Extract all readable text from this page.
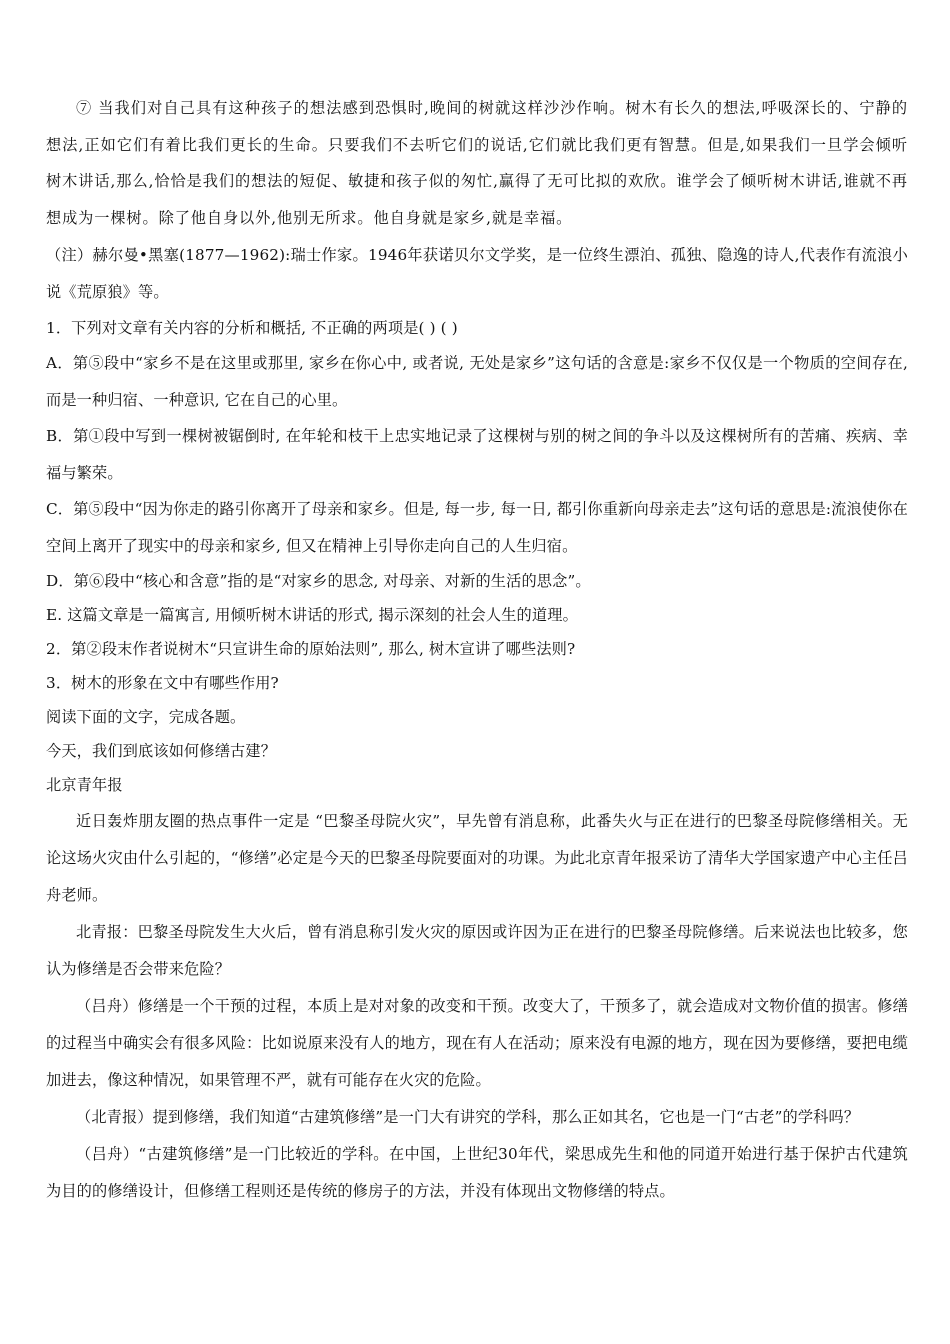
⑦ 当我们对自己具有这种孩子的想法感到恐惧时,晚间的树就这样沙沙作响。树木有长久的想法,呼吸深长的、宁静的想法,正如它们有着比我们更长的生命。只要我们不去听它们的说话,它们就比我们更有智慧。但是,如果我们一旦学会倾听树木讲话,那么,恰恰是我们的想法的短促、敏捷和孩子似的匆忙,赢得了无可比拟的欢欣。谁学会了倾听树木讲话,谁就不再想成为一棵树。除了他自身以外,他别无所求。他自身就是家乡,就是幸福。

（注）赫尔曼•黑塞(1877—1962):瑞士作家。1946年获诺贝尔文学奖，是一位终生漂泊、孤独、隐逸的诗人,代表作有流浪小说《荒原狼》等。

1．下列对文章有关内容的分析和概括, 不正确的两项是( ) ( )

A．第⑤段中“家乡不是在这里或那里, 家乡在你心中, 或者说, 无处是家乡”这句话的含意是:家乡不仅仅是一个物质的空间存在, 而是一种归宿、一种意识, 它在自己的心里。

B．第①段中写到一棵树被锯倒时, 在年轮和枝干上忠实地记录了这棵树与别的树之间的争斗以及这棵树所有的苦痛、疾病、幸福与繁荣。

C．第⑤段中“因为你走的路引你离开了母亲和家乡。但是, 每一步, 每一日, 都引你重新向母亲走去”这句话的意思是:流浪使你在空间上离开了现实中的母亲和家乡, 但又在精神上引导你走向自己的人生归宿。

D．第⑥段中“核心和含意”指的是“对家乡的思念, 对母亲、对新的生活的思念”。

E. 这篇文章是一篇寓言, 用倾听树木讲话的形式, 揭示深刻的社会人生的道理。

2．第②段末作者说树木“只宣讲生命的原始法则”, 那么, 树木宣讲了哪些法则?

3．树木的形象在文中有哪些作用?

阅读下面的文字，完成各题。

今天，我们到底该如何修缮古建？

北京青年报

近日轰炸朋友圈的热点事件一定是 “巴黎圣母院火灾”，早先曾有消息称，此番失火与正在进行的巴黎圣母院修缮相关。无论这场火灾由什么引起的，“修缮”必定是今天的巴黎圣母院要面对的功课。为此北京青年报采访了清华大学国家遗产中心主任吕舟老师。

北青报：巴黎圣母院发生大火后，曾有消息称引发火灾的原因或许因为正在进行的巴黎圣母院修缮。后来说法也比较多，您认为修缮是否会带来危险？

（吕舟）修缮是一个干预的过程，本质上是对对象的改变和干预。改变大了，干预多了，就会造成对文物价值的损害。修缮的过程当中确实会有很多风险：比如说原来没有人的地方，现在有人在活动；原来没有电源的地方，现在因为要修缮，要把电缆加进去，像这种情况，如果管理不严，就有可能存在火灾的危险。

（北青报）提到修缮，我们知道“古建筑修缮”是一门大有讲究的学科，那么正如其名，它也是一门“古老”的学科吗？

（吕舟）“古建筑修缮”是一门比较近的学科。在中国，上世纪30年代，梁思成先生和他的同道开始进行基于保护古代建筑为目的的修缮设计，但修缮工程则还是传统的修房子的方法，并没有体现出文物修缮的特点。
